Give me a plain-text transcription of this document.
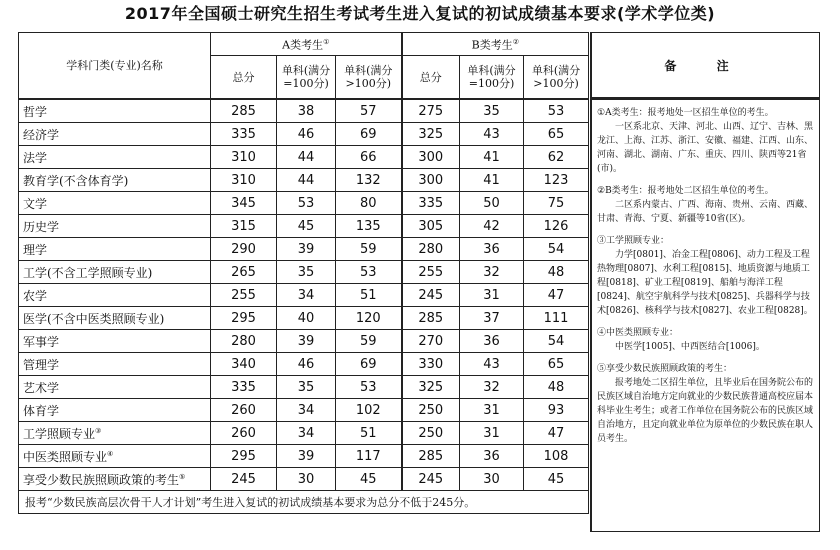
2017年全国硕士研究生招生考试考生进入复试的初试成绩基本要求(学术学位类)
学科门类(专业)名称	A类考生①			B类考生②
	总分	单科(满分=100分)	单科(满分>100分)	总分	单科(满分=100分)	单科(满分>100分)
哲学	285	38	57	275	35	53
经济学	335	46	69	325	43	65
法学	310	44	66	300	41	62
教育学(不含体育学)	310	44	132	300	41	123
文学	345	53	80	335	50	75
历史学	315	45	135	305	42	126
理学	290	39	59	280	36	54
工学(不含工学照顾专业)	265	35	53	255	32	48
农学	255	34	51	245	31	47
医学(不含中医类照顾专业)	295	40	120	285	37	111
军事学	280	39	59	270	36	54
管理学	340	46	69	330	43	65
艺术学	335	35	53	325	32	48
体育学	260	34	102	250	31	93
工学照顾专业③	260	34	51	250	31	47
中医类照顾专业④	295	39	117	285	36	108
享受少数民族照顾政策的考生⑤	245	30	45	245	30	45
报考“少数民族高层次骨干人才计划”考生进入复试的初试成绩基本要求为总分不低于245分。						
备 注
①A类考生：报考地处一区招生单位的考生。
一区系北京、天津、河北、山西、辽宁、吉林、黑龙江、上海、江苏、浙江、安徽、福建、江西、山东、河南、湖北、湖南、广东、重庆、四川、陕西等21省(市)。
②B类考生：报考地处二区招生单位的考生。
二区系内蒙古、广西、海南、贵州、云南、西藏、甘肃、青海、宁夏、新疆等10省(区)。
③工学照顾专业：
力学[0801]、冶金工程[0806]、动力工程及工程热物理[0807]、水利工程[0815]、地质资源与地质工程[0818]、矿业工程[0819]、船舶与海洋工程[0824]、航空宇航科学与技术[0825]、兵器科学与技术[0826]、核科学与技术[0827]、农业工程[0828]。
④中医类照顾专业：
中医学[1005]、中西医结合[1006]。
⑤享受少数民族照顾政策的考生：
报考地处二区招生单位，且毕业后在国务院公布的民族区域自治地方定向就业的少数民族普通高校应届本科毕业生考生；或者工作单位在国务院公布的民族区域自治地方，且定向就业单位为原单位的少数民族在职人员考生。
